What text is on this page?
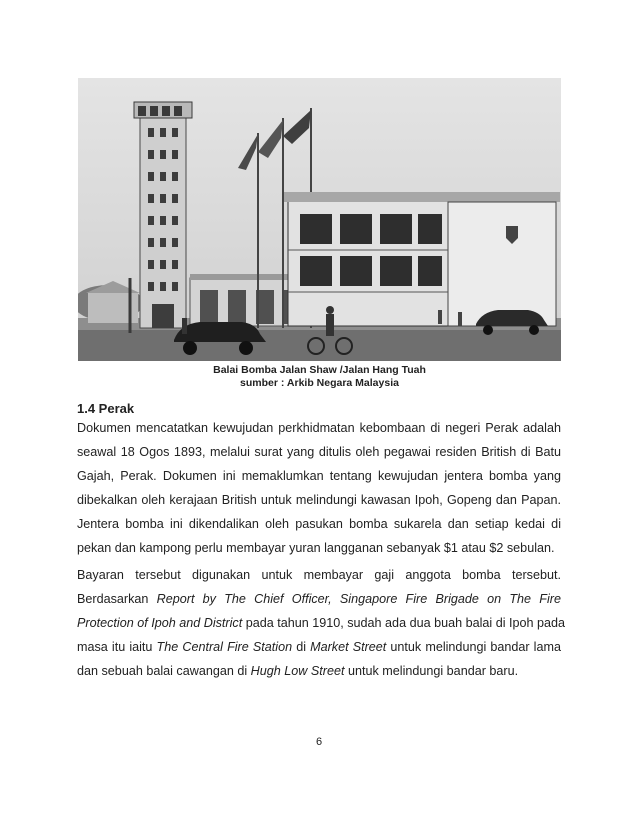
Balai Bomba Jalan Shaw /Jalan Hang Tuah
sumber : Arkib Negara Malaysia
1.4 Perak
Dokumen mencatatkan kewujudan perkhidmatan kebombaan di negeri Perak adalah
seawal 18 Ogos 1893, melalui surat yang ditulis oleh pegawai residen British di Batu
Gajah, Perak. Dokumen ini memaklumkan tentang kewujudan jentera bomba yang
dibekalkan oleh kerajaan British untuk melindungi kawasan Ipoh, Gopeng dan Papan.
Jentera bomba ini dikendalikan oleh pasukan bomba sukarela dan setiap kedai di
pekan dan kampong perlu membayar yuran langganan sebanyak $1 atau $2 sebulan.
Bayaran tersebut digunakan untuk membayar gaji anggota bomba tersebut.
Berdasarkan Report by The Chief Officer, Singapore Fire Brigade on The Fire
Protection of Ipoh and District pada tahun 1910, sudah ada dua buah balai di Ipoh pada
masa itu iaitu The Central Fire Station di Market Street untuk melindungi bandar lama
dan sebuah balai cawangan di Hugh Low Street untuk melindungi bandar baru.
6
